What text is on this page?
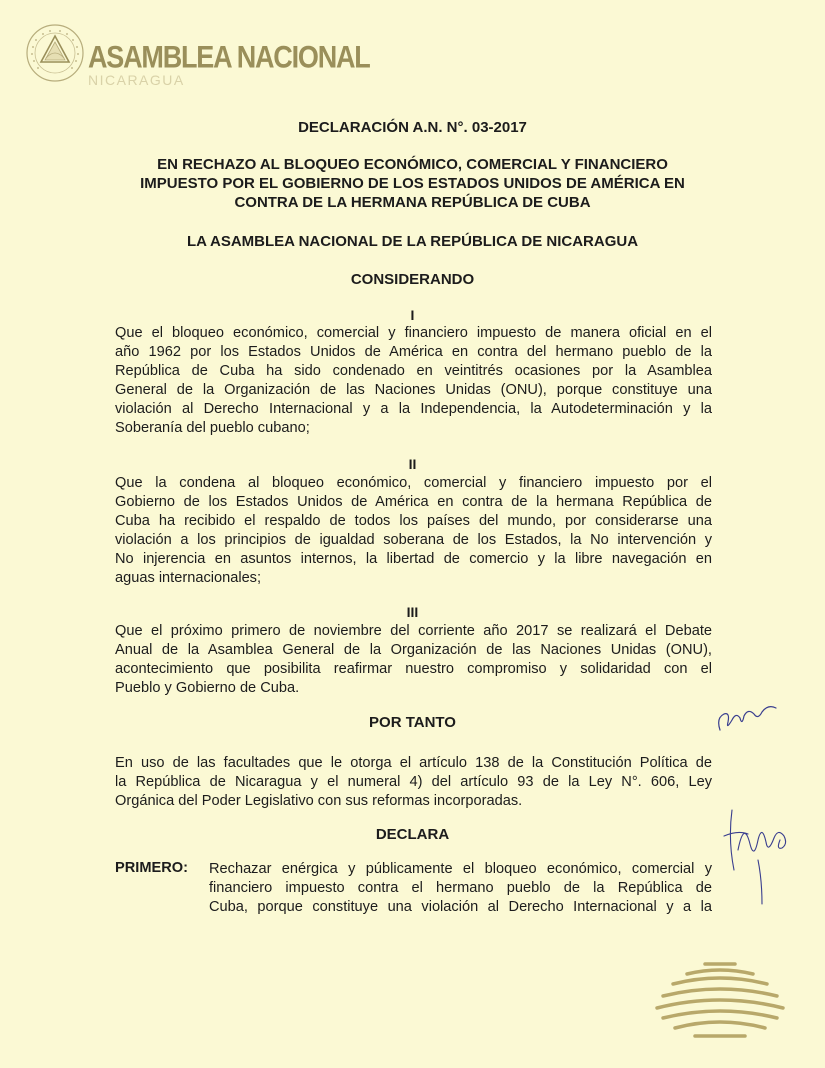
ASAMBLEA NACIONAL
NICARAGUA
DECLARACIÓN A.N. N°. 03-2017
EN RECHAZO AL BLOQUEO ECONÓMICO, COMERCIAL Y FINANCIERO
IMPUESTO POR EL GOBIERNO DE LOS ESTADOS UNIDOS DE AMÉRICA EN
CONTRA DE LA HERMANA REPÚBLICA DE CUBA
LA ASAMBLEA NACIONAL DE LA REPÚBLICA DE NICARAGUA
CONSIDERANDO
I
Que el bloqueo económico, comercial y financiero impuesto de manera oficial en el
año 1962 por los Estados Unidos de América en contra del hermano pueblo de la
República de Cuba ha sido condenado en veintitrés ocasiones por la Asamblea
General de la Organización de las Naciones Unidas (ONU), porque constituye una
violación al Derecho Internacional y a la Independencia, la Autodeterminación y la
Soberanía del pueblo cubano;
II
Que la condena al bloqueo económico, comercial y financiero impuesto por el
Gobierno de los Estados Unidos de América en contra de la hermana República de
Cuba ha recibido el respaldo de todos los países del mundo, por considerarse una
violación a los principios de igualdad soberana de los Estados, la No intervención y
No injerencia en asuntos internos, la libertad de comercio y la libre navegación en
aguas internacionales;
III
Que el próximo primero de noviembre del corriente año 2017 se realizará el Debate
Anual de la Asamblea General de la Organización de las Naciones Unidas (ONU),
acontecimiento que posibilita reafirmar nuestro compromiso y solidaridad con el
Pueblo y Gobierno de Cuba.
POR TANTO
En uso de las facultades que le otorga el artículo 138 de la Constitución Política de
la República de Nicaragua y el numeral 4) del artículo 93 de la Ley N°. 606, Ley
Orgánica del Poder Legislativo con sus reformas incorporadas.
DECLARA
PRIMERO: Rechazar enérgica y públicamente el bloqueo económico, comercial y
financiero impuesto contra el hermano pueblo de la República de
Cuba, porque constituye una violación al Derecho Internacional y a la
